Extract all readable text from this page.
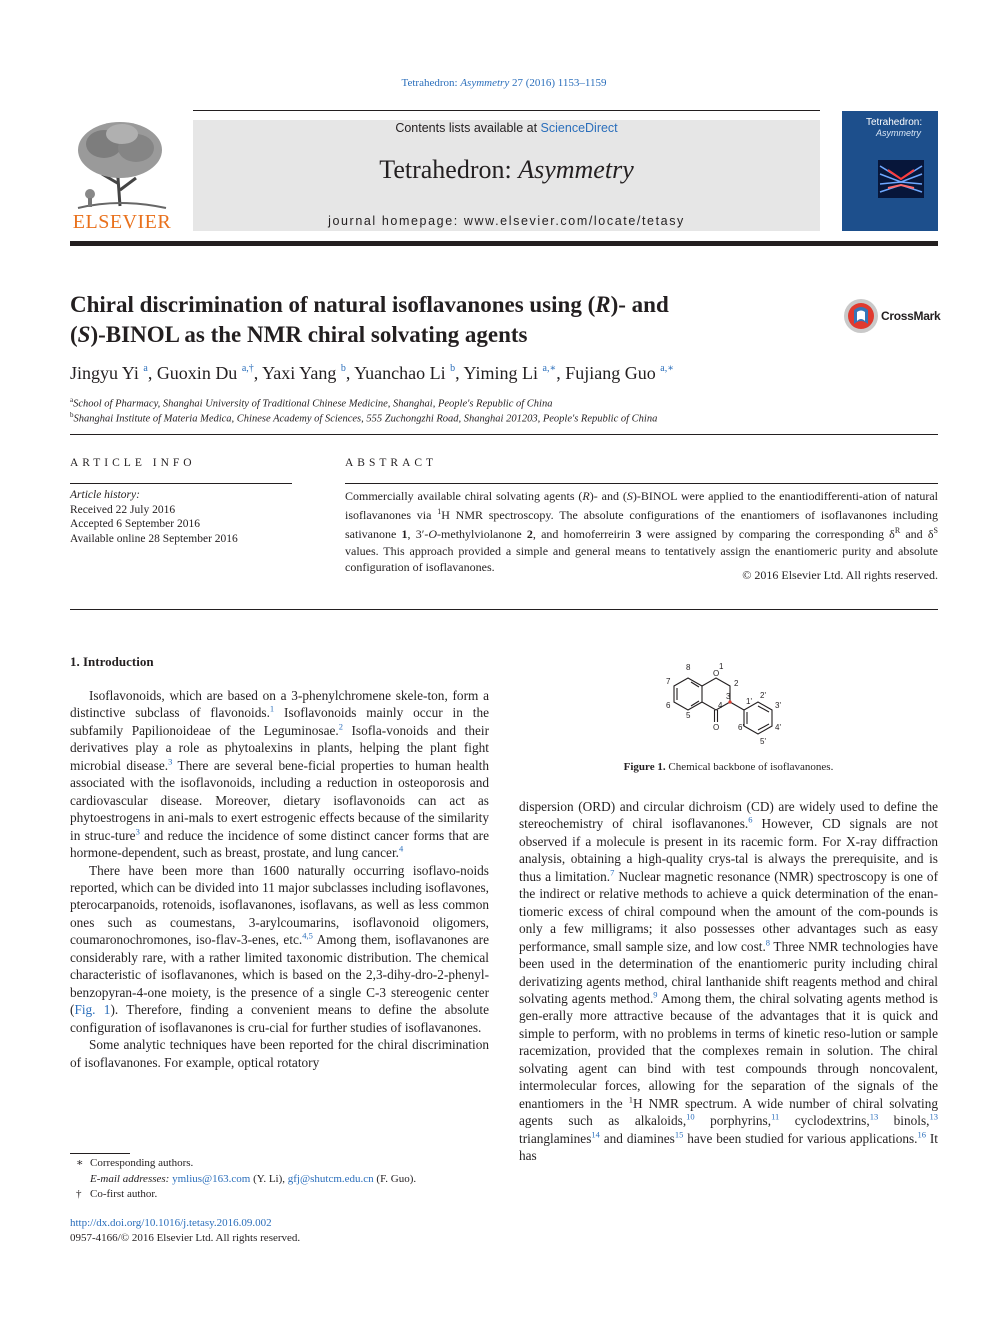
Tetrahedron: Asymmetry 27 (2016) 1153–1159
ELSEVIER
Contents lists available at ScienceDirect
Tetrahedron: Asymmetry
journal homepage: www.elsevier.com/locate/tetasy
Tetrahedron:
Asymmetry
Chiral discrimination of natural isoflavanones using (R)- and
(S)-BINOL as the NMR chiral solvating agents
CrossMark
Jingyu Yi $^a$, Guoxin Du $^{a,\dagger}$, Yaxi Yang $^b$, Yuanchao Li $^b$, Yiming Li $^{a,∗}$, Fujiang Guo $^{a,∗}$
$^a$School of Pharmacy, Shanghai University of Traditional Chinese Medicine, Shanghai, People's Republic of China
$^b$Shanghai Institute of Materia Medica, Chinese Academy of Sciences, 555 Zuchongzhi Road, Shanghai 201203, People's Republic of China
ARTICLE INFO
Article history:
Received 22 July 2016
Accepted 6 September 2016
Available online 28 September 2016
ABSTRACT
Commercially available chiral solvating agents (R)- and (S)-BINOL were applied to the enantiodifferenti-ation of natural isoflavanones via $^1$H NMR spectroscopy. The absolute configurations of the enantiomers of isoflavanones including sativanone 1, 3′-O-methylviolanone 2, and homoferreirin 3 were assigned by comparing the corresponding $\delta^R$ and $\delta^S$ values. This approach provided a simple and general means to tentatively assign the enantiomeric purity and absolute configuration of isoflavanones.
© 2016 Elsevier Ltd. All rights reserved.
1. Introduction

Isoflavonoids, which are based on a 3-phenylchromene skele-ton, form a distinctive subclass of flavonoids.$^1$ Isoflavonoids mainly occur in the subfamily Papilionoideae of the Leguminosae.$^2$ Isofla-vonoids and their derivatives play a role as phytoalexins in plants, helping the plant fight microbial disease.$^3$ There are several bene-ficial properties to human health associated with the isoflavonoids, including a reduction in osteoporosis and cardiovascular disease. Moreover, dietary isoflavonoids can act as phytoestrogens in ani-mals to exert estrogenic effects because of the similarity in struc-ture$^3$ and reduce the incidence of some distinct cancer forms that are hormone-dependent, such as breast, prostate, and lung cancer.$^4$

There have been more than 1600 naturally occurring isoflavo-noids reported, which can be divided into 11 major subclasses including isoflavones, pterocarpanoids, rotenoids, isoflavanones, isoflavans, as well as less common ones such as coumestans, 3-arylcoumarins, isoflavonoid oligomers, coumaronochromones, iso-flav-3-enes, etc.$^{4,5}$ Among them, isoflavanones are considerably rare, with a rather limited taxonomic distribution. The chemical characteristic of isoflavanones, which is based on the 2,3-dihy-dro-2-phenyl-benzopyran-4-one moiety, is the presence of a single C-3 stereogenic center (Fig. 1). Therefore, finding a convenient means to define the absolute configuration of isoflavanones is cru-cial for further studies of isoflavanones.

Some analytic techniques have been reported for the chiral discrimination of isoflavanones. For example, optical rotatory

O
1
2
3
4
O
5
6
7
8
1'
2'
3'
4'
5'
6'
Figure 1. Chemical backbone of isoflavanones.

dispersion (ORD) and circular dichroism (CD) are widely used to define the stereochemistry of chiral isoflavanones.$^6$ However, CD signals are not observed if a molecule is present in its racemic form. For X-ray diffraction analysis, obtaining a high-quality crys-tal is always the prerequisite, and is thus a limitation.$^7$ Nuclear magnetic resonance (NMR) spectroscopy is one of the indirect or relative methods to achieve a quick determination of the enan-tiomeric excess of chiral compound when the amount of the com-pounds is only a few milligrams; it also possesses other advantages such as easy performance, small sample size, and low cost.$^8$ Three NMR technologies have been used in the determination of the enantiomeric purity including chiral derivatizing agents method, chiral lanthanide shift reagents method and chiral solvating agents method.$^9$ Among them, the chiral solvating agents method is gen-erally more attractive because of the advantages that it is quick and simple to perform, with no problems in terms of kinetic reso-lution or sample racemization, provided that the complexes remain in solution. The chiral solvating agent can bind with test compounds through noncovalent, intermolecular forces, allowing for the separation of the signals of the enantiomers in the $^1$H NMR spectrum. A wide number of chiral solvating agents such as alkaloids,$^{10}$ porphyrins,$^{11}$ cyclodextrins,$^{13}$ binols,$^{13}$ trianglamines$^{14}$ and diamines$^{15}$ have been studied for various applications.$^{16}$ It has

∗ Corresponding authors.
E-mail addresses: ymlius@163.com (Y. Li), gfj@shutcm.edu.cn (F. Guo).
† Co-first author.
http://dx.doi.org/10.1016/j.tetasy.2016.09.002
0957-4166/© 2016 Elsevier Ltd. All rights reserved.
